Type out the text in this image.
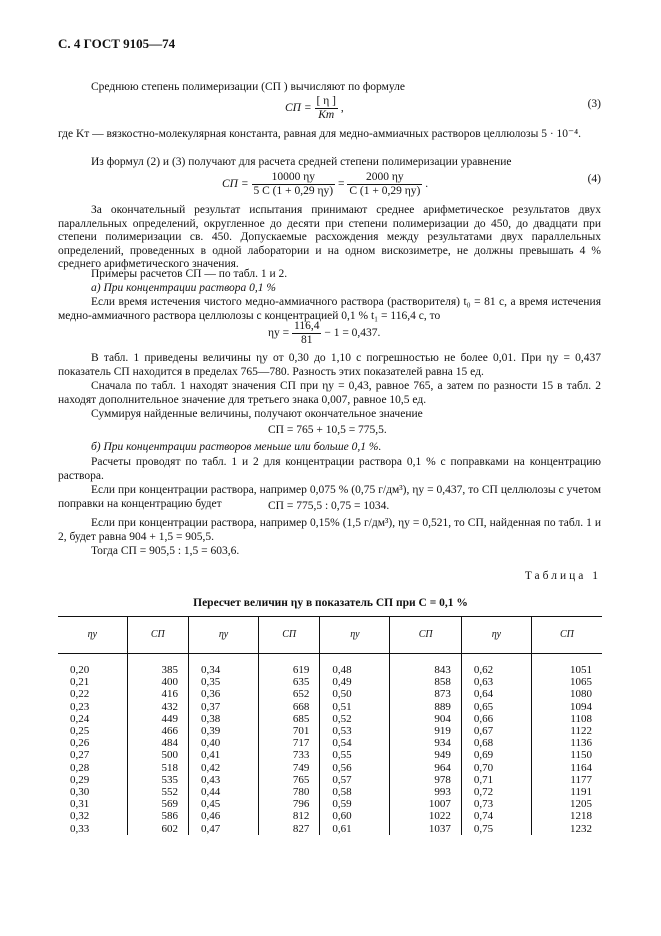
С. 4 ГОСТ 9105—74
Среднюю степень полимеризации (СП ) вычисляют по формуле
СП = $\frac{[ \eta ]}{Kт}$ ,	(3)
где Kт — вязкостно-молекулярная константа, равная для медно-аммиачных растворов целлюлозы 5 · 10⁻⁴.
Из формул (2) и (3) получают для расчета средней степени полимеризации уравнение
СП = $\frac{10000 \eta у}{5 C (1 + 0,29 \eta у)} = \frac{2000 \eta у}{C (1 + 0,29 \eta у)}$ .	(4)
За окончательный результат испытания принимают среднее арифметическое результатов двух параллельных определений, округленное до десяти при степени полимеризации до 450, до двадцати при степени полимеризации св. 450. Допускаемые расхождения между результатами двух параллельных определений, проведенных в одной лаборатории и на одном вискозиметре, не должны превышать 4 % среднего арифметического значения.
Примеры расчетов СП — по табл. 1 и 2.
а) При концентрации раствора 0,1 %
Если время истечения чистого медно-аммиачного раствора (растворителя) t₀ = 81 с, а время истечения медно-аммиачного раствора целлюлозы с концентрацией 0,1 % t₁ = 116,4 с, то
$\eta у = \frac{116,4}{81} - 1 = 0,437$.
В табл. 1 приведены величины ηу от 0,30 до 1,10 с погрешностью не более 0,01. При ηу = 0,437 показатель СП находится в пределах 765—780. Разность этих показателей равна 15 ед.
Сначала по табл. 1 находят значения СП при ηу = 0,43, равное 765, а затем по разности 15 в табл. 2 находят дополнительное значение для третьего знака 0,007, равное 10,5 ед.
Суммируя найденные величины, получают окончательное значение
СП = 765 + 10,5 = 775,5.
б) При концентрации растворов меньше или больше 0,1 %.
Расчеты проводят по табл. 1 и 2 для концентрации раствора 0,1 % с поправками на концентрацию раствора.
Если при концентрации раствора, например 0,075 % (0,75 г/дм³), ηу = 0,437, то СП целлюлозы с учетом поправки на концентрацию будет	СП = 775,5 : 0,75 = 1034.
Если при концентрации раствора, например 0,15% (1,5 г/дм³), ηу = 0,521, то СП, найденная по табл. 1 и 2, будет равна 904 + 1,5 = 905,5.
Тогда СП = 905,5 : 1,5 = 603,6.
Таблица 1
Пересчет величин ηу в показатель СП при C = 0,1 %
ηу	СП	ηу	СП	ηу	СП	ηу	СП
0,20	385	0,34	619	0,48	843	0,62	1051
0,21	400	0,35	635	0,49	858	0,63	1065
0,22	416	0,36	652	0,50	873	0,64	1080
0,23	432	0,37	668	0,51	889	0,65	1094
0,24	449	0,38	685	0,52	904	0,66	1108
0,25	466	0,39	701	0,53	919	0,67	1122
0,26	484	0,40	717	0,54	934	0,68	1136
0,27	500	0,41	733	0,55	949	0,69	1150
0,28	518	0,42	749	0,56	964	0,70	1164
0,29	535	0,43	765	0,57	978	0,71	1177
0,30	552	0,44	780	0,58	993	0,72	1191
0,31	569	0,45	796	0,59	1007	0,73	1205
0,32	586	0,46	812	0,60	1022	0,74	1218
0,33	602	0,47	827	0,61	1037	0,75	1232
